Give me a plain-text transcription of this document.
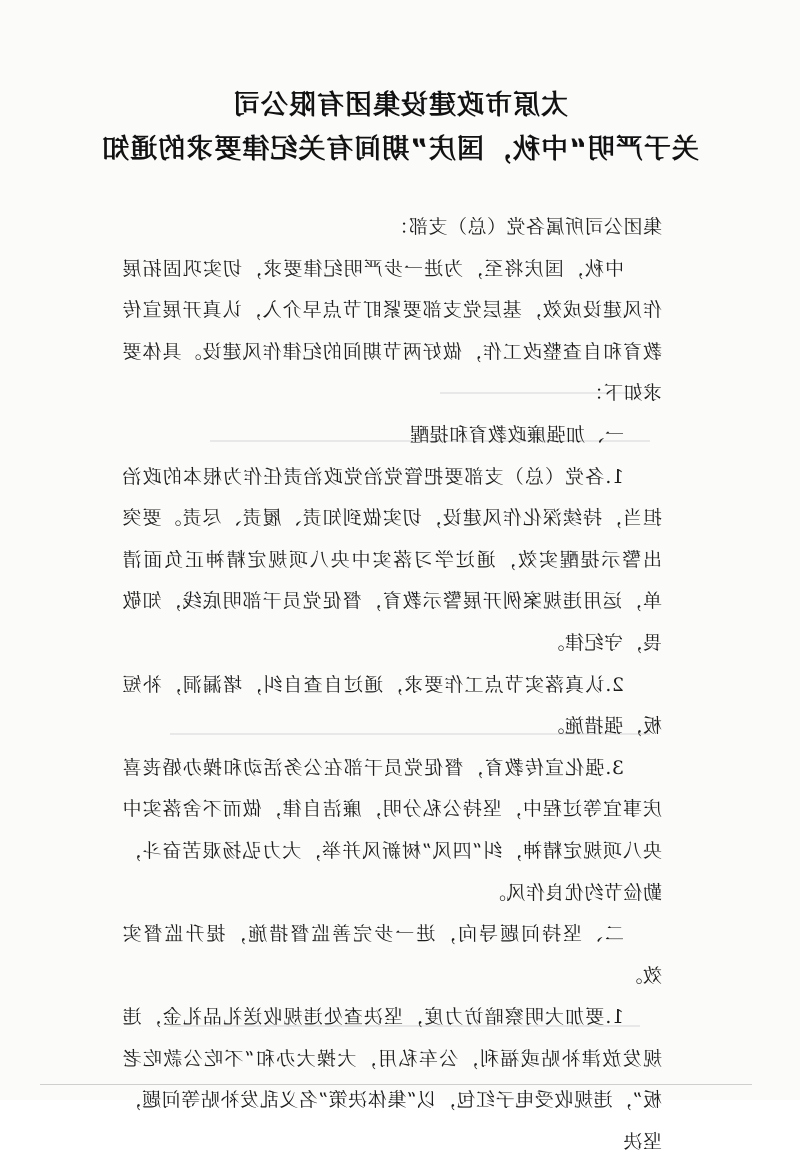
太原市政建设集团有限公司
关于严明“中秋，国庆”期间有关纪律要求的通知

集团公司所属各党（总）支部：

中秋，国庆将至，为进一步严明纪律要求，切实巩固拓展作风建设成效，基层党支部要紧盯节点早介入，认真开展宣传教育和自查整改工作，做好两节期间的纪律作风建设。具体要求如下：

一、加强廉政教育和提醒

1.各党（总）支部要把管党治党政治责任作为根本的政治担当，持续深化作风建设，切实做到知责、履责、尽责。要突出警示提醒实效，通过学习落实中央八项规定精神正负面清单，运用违规案例开展警示教育，督促党员干部明底线，知敬畏，守纪律。

2.认真落实节点工作要求，通过自查自纠，堵漏洞，补短板，强措施。

3.强化宣传教育，督促党员干部在公务活动和操办婚丧喜庆事宜等过程中，坚持公私分明，廉洁自律，做而不舍落实中央八项规定精神，纠“四风”树新风并举，大力弘扬艰苦奋斗，勤俭节约优良作风。

二、坚持问题导向，进一步完善监督措施，提升监督实效。

1.要加大明察暗访力度，坚决查处违规收送礼品礼金，违规发放津补贴或福利，公车私用，大操大办和“不吃公款吃老板”，违规收受电子红包，以“集体决策”名义乱发补贴等问题，坚决
